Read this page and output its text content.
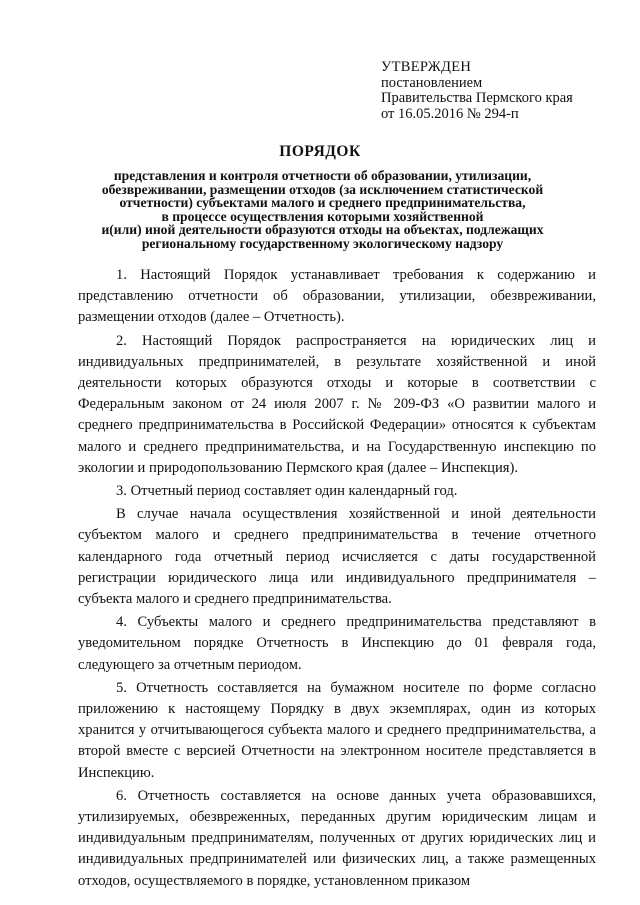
УТВЕРЖДЕН
постановлением
Правительства Пермского края
от 16.05.2016 № 294-п
ПОРЯДОК
представления и контроля отчетности об образовании, утилизации,
обезвреживании, размещении отходов (за исключением статистической
отчетности) субъектами малого и среднего предпринимательства,
в процессе осуществления которыми хозяйственной
и(или) иной деятельности образуются отходы на объектах, подлежащих
региональному государственному экологическому надзору

1. Настоящий Порядок устанавливает требования к содержанию и представлению отчетности об образовании, утилизации, обезвреживании, размещении отходов (далее – Отчетность).

2. Настоящий Порядок распространяется на юридических лиц и индивидуальных предпринимателей, в результате хозяйственной и иной деятельности которых образуются отходы и которые в соответствии с Федеральным законом от 24 июля 2007 г. № 209-ФЗ «О развитии малого и среднего предпринимательства в Российской Федерации» относятся к субъектам малого и среднего предпринимательства, и на Государственную инспекцию по экологии и природопользованию Пермского края (далее – Инспекция).

3. Отчетный период составляет один календарный год.

В случае начала осуществления хозяйственной и иной деятельности субъектом малого и среднего предпринимательства в течение отчетного календарного года отчетный период исчисляется с даты государственной регистрации юридического лица или индивидуального предпринимателя – субъекта малого и среднего предпринимательства.

4. Субъекты малого и среднего предпринимательства представляют в уведомительном порядке Отчетность в Инспекцию до 01 февраля года, следующего за отчетным периодом.

5. Отчетность составляется на бумажном носителе по форме согласно приложению к настоящему Порядку в двух экземплярах, один из которых хранится у отчитывающегося субъекта малого и среднего предпринимательства, а второй вместе с версией Отчетности на электронном носителе представляется в Инспекцию.

6. Отчетность составляется на основе данных учета образовавшихся, утилизируемых, обезвреженных, переданных другим юридическим лицам и индивидуальным предпринимателям, полученных от других юридических лиц и индивидуальных предпринимателей или физических лиц, а также размещенных отходов, осуществляемого в порядке, установленном приказом
